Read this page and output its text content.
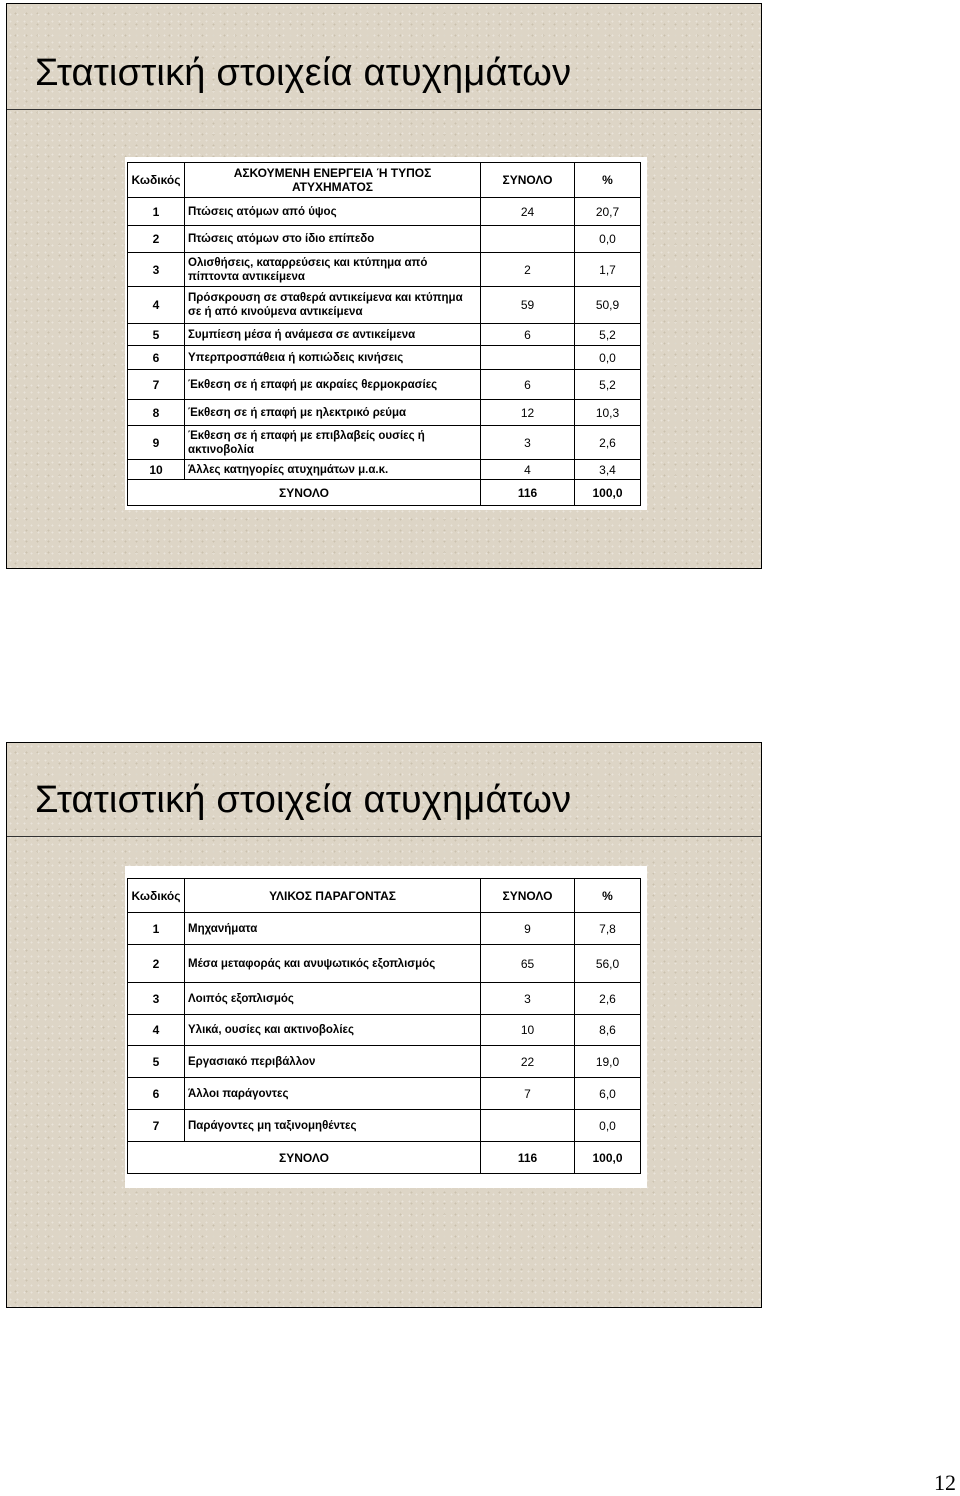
Στατιστική στοιχεία ατυχημάτων
Κωδικός	ΑΣΚΟΥΜΕΝΗ ΕΝΕΡΓΕΙΑ Ή ΤΥΠΟΣ ΑΤΥΧΗΜΑΤΟΣ	ΣΥΝΟΛΟ	%
1	Πτώσεις ατόμων από ύψος	24	20,7
2	Πτώσεις ατόμων στο ίδιο επίπεδο		0,0
3	Ολισθήσεις, καταρρεύσεις και κτύπημα από πίπτοντα αντικείμενα	2	1,7
4	Πρόσκρουση σε σταθερά αντικείμενα και κτύπημα σε ή από κινούμενα αντικείμενα	59	50,9
5	Συμπίεση μέσα ή ανάμεσα σε αντικείμενα	6	5,2
6	Υπερπροσπάθεια ή κοπιώδεις κινήσεις		0,0
7	Έκθεση σε ή επαφή με ακραίες θερμοκρασίες	6	5,2
8	Έκθεση σε ή επαφή με ηλεκτρικό ρεύμα	12	10,3
9	Έκθεση σε ή επαφή με επιβλαβείς ουσίες ή ακτινοβολία	3	2,6
10	Άλλες κατηγορίες ατυχημάτων μ.α.κ.	4	3,4
ΣΥΝΟΛΟ		116	100,0
Στατιστική στοιχεία ατυχημάτων
Κωδικός	ΥΛΙΚΟΣ ΠΑΡΑΓΟΝΤΑΣ	ΣΥΝΟΛΟ	%
1	Μηχανήματα	9	7,8
2	Μέσα μεταφοράς και ανυψωτικός εξοπλισμός	65	56,0
3	Λοιπός εξοπλισμός	3	2,6
4	Υλικά, ουσίες και ακτινοβολίες	10	8,6
5	Εργασιακό περιβάλλον	22	19,0
6	Άλλοι παράγοντες	7	6,0
7	Παράγοντες μη ταξινομηθέντες		0,0
ΣΥΝΟΛΟ		116	100,0
12
